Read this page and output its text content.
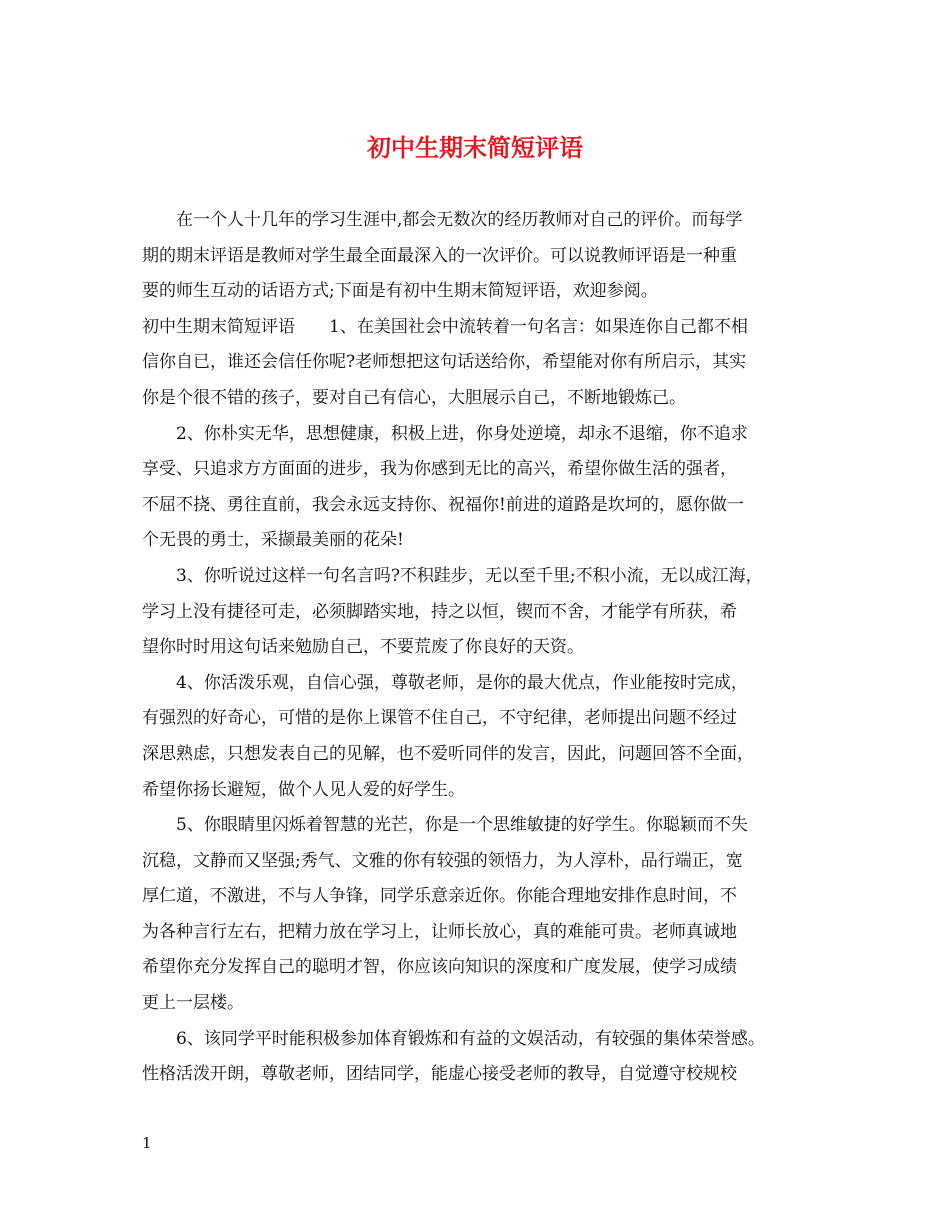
初中生期末简短评语

在一个人十几年的学习生涯中,都会无数次的经历教师对自己的评价。而每学

期的期末评语是教师对学生最全面最深入的一次评价。可以说教师评语是一种重

要的师生互动的话语方式;下面是有初中生期末简短评语，欢迎参阅。

初中生期末简短评语 1、在美国社会中流转着一句名言：如果连你自己都不相

信你自已，谁还会信任你呢?老师想把这句话送给你，希望能对你有所启示，其实

你是个很不错的孩子，要对自己有信心，大胆展示自己，不断地锻炼己。

2、你朴实无华，思想健康，积极上进，你身处逆境，却永不退缩，你不追求

享受、只追求方方面面的进步，我为你感到无比的高兴，希望你做生活的强者，

不屈不挠、勇往直前，我会永远支持你、祝福你!前进的道路是坎坷的，愿你做一

个无畏的勇士，采撷最美丽的花朵!

3、你听说过这样一句名言吗?不积跬步，无以至千里;不积小流，无以成江海，

学习上没有捷径可走，必须脚踏实地，持之以恒，锲而不舍，才能学有所获，希

望你时时用这句话来勉励自己，不要荒废了你良好的天资。

4、你活泼乐观，自信心强，尊敬老师，是你的最大优点，作业能按时完成，

有强烈的好奇心，可惜的是你上课管不住自己，不守纪律，老师提出问题不经过

深思熟虑，只想发表自己的见解，也不爱听同伴的发言，因此，问题回答不全面，

希望你扬长避短，做个人见人爱的好学生。

5、你眼睛里闪烁着智慧的光芒，你是一个思维敏捷的好学生。你聪颖而不失

沉稳，文静而又坚强;秀气、文雅的你有较强的领悟力，为人淳朴，品行端正，宽

厚仁道，不激进，不与人争锋，同学乐意亲近你。你能合理地安排作息时间，不

为各种言行左右，把精力放在学习上，让师长放心，真的难能可贵。老师真诚地

希望你充分发挥自己的聪明才智，你应该向知识的深度和广度发展，使学习成绩

更上一层楼。

6、该同学平时能积极参加体育锻炼和有益的文娱活动，有较强的集体荣誉感。

性格活泼开朗，尊敬老师，团结同学，能虚心接受老师的教导，自觉遵守校规校

1
